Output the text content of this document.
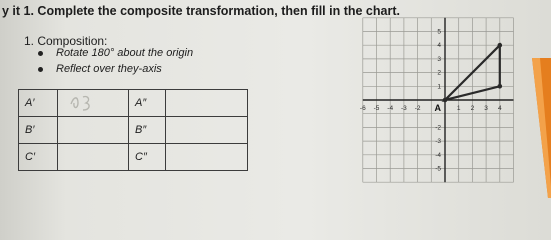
y it 1. Complete the composite transformation, then fill in the chart.
1. Composition:
Rotate 180° about the origin
Reflect over they-axis
A′		A″	
B′		B″	
C′		C″	
-6 -5 -4 -3 -2	1 2 3 4
5
4
3
2
1
-2
-3
-4
-5
A
